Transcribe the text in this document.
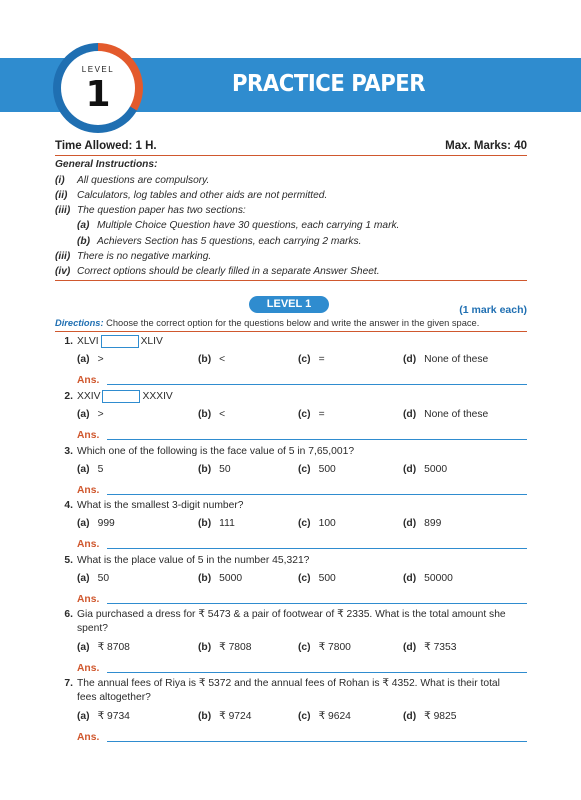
PRACTICE PAPER
LEVEL
1
Time Allowed: 1 H.	Max. Marks: 40
General Instructions:
(i) All questions are compulsory.
(ii) Calculators, log tables and other aids are not permitted.
(iii) The question paper has two sections:
(a) Multiple Choice Question have 30 questions, each carrying 1 mark.
(b) Achievers Section has 5 questions, each carrying 2 marks.
(iii) There is no negative marking.
(iv) Correct options should be clearly filled in a separate Answer Sheet.
LEVEL 1	(1 mark each)
Directions: Choose the correct option for the questions below and write the answer in the given space.
1. XLVI	XLIV
(a) >	(b) <	(c) =	(d) None of these
Ans.
2. XXIV	XXXIV
(a) >	(b) <	(c) =	(d) None of these
Ans.
3. Which one of the following is the face value of 5 in 7,65,001?
(a) 5	(b) 50	(c) 500	(d) 5000
Ans.
4. What is the smallest 3-digit number?
(a) 999	(b) 111	(c) 100	(d) 899
Ans.
5. What is the place value of 5 in the number 45,321?
(a) 50	(b) 5000	(c) 500	(d) 50000
Ans.
6. Gia purchased a dress for ₹ 5473 & a pair of footwear of ₹ 2335. What is the total amount she
spent?
(a) ₹ 8708	(b) ₹ 7808	(c) ₹ 7800	(d) ₹ 7353
Ans.
7. The annual fees of Riya is ₹ 5372 and the annual fees of Rohan is ₹ 4352. What is their total
fees altogether?
(a) ₹ 9734	(b) ₹ 9724	(c) ₹ 9624	(d) ₹ 9825
Ans.
